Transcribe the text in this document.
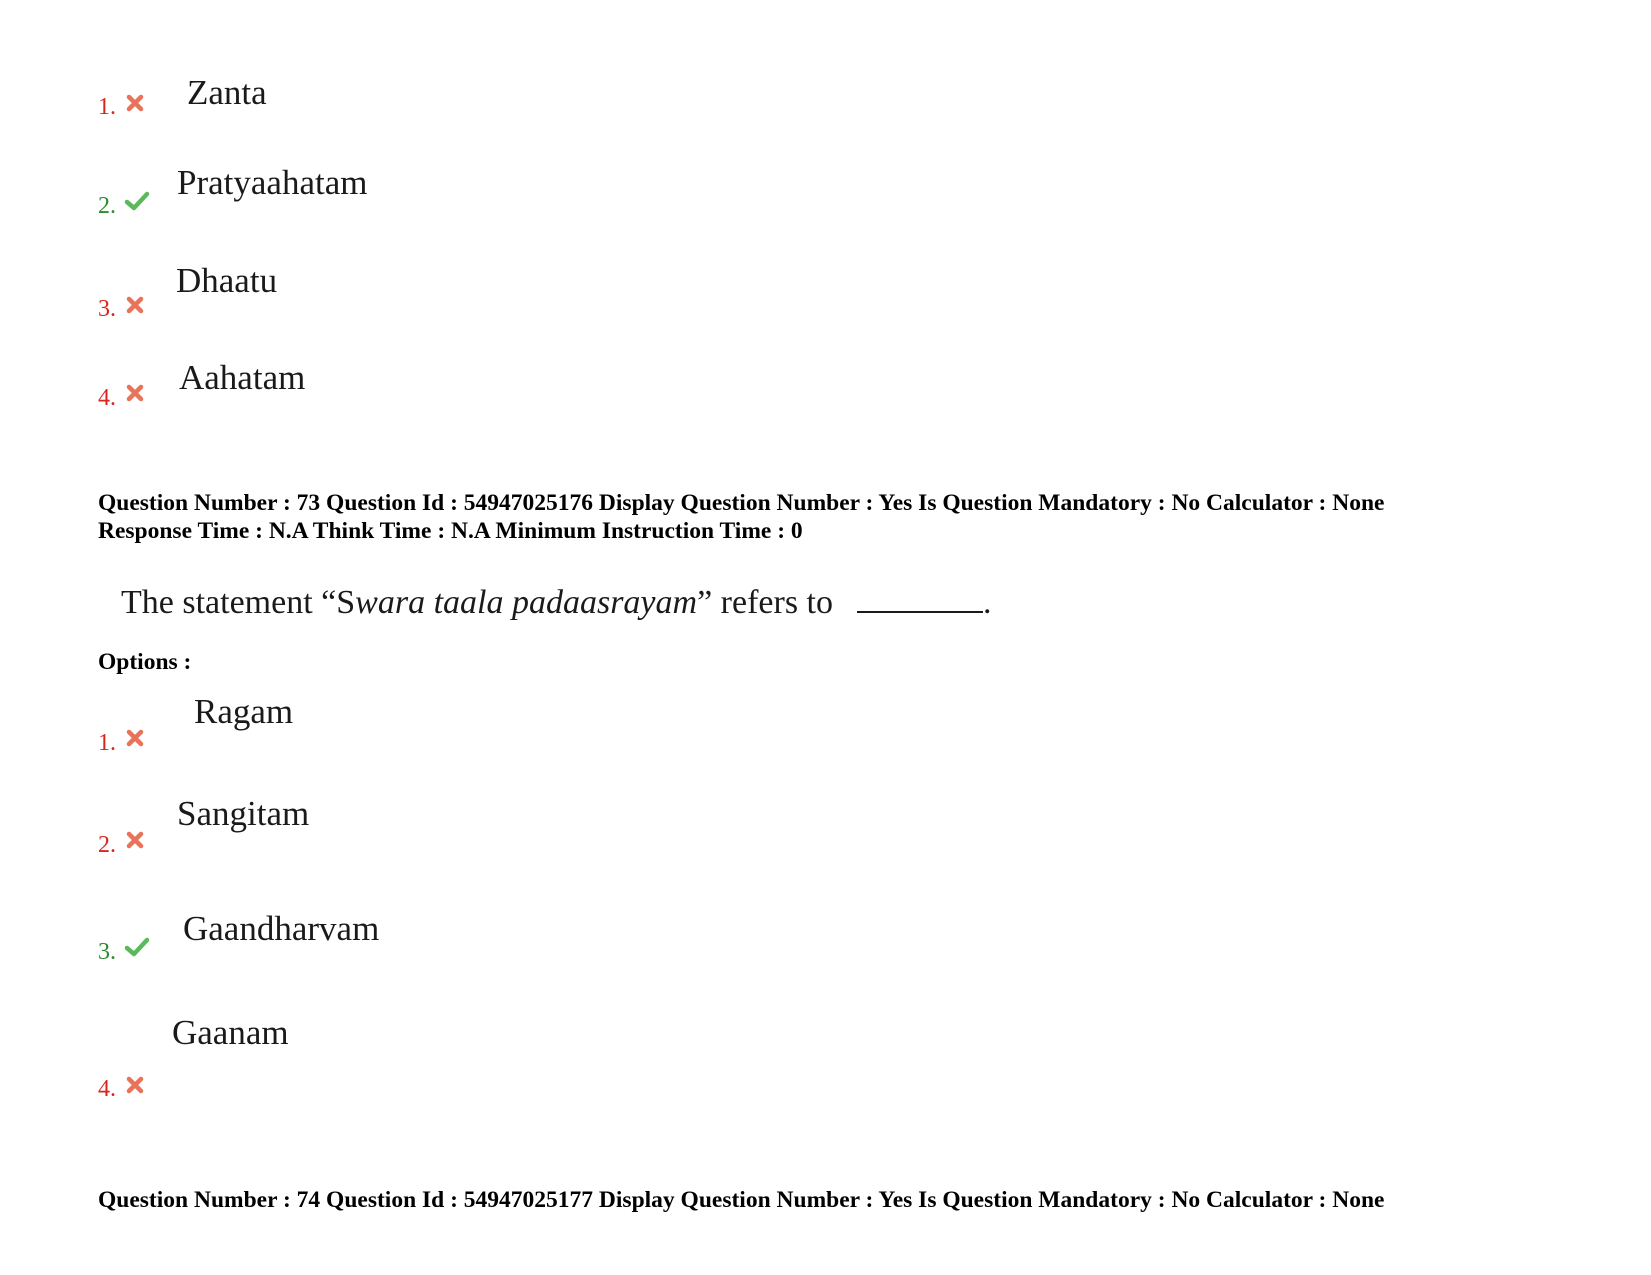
1. Zanta
2.
Pratyaahatam
3.
Dhaatu
4.
Aahatam
Question Number : 73 Question Id : 54947025176 Display Question Number : Yes Is Question Mandatory : No Calculator : None
Response Time : N.A Think Time : N.A Minimum Instruction Time : 0
The statement “Swara taala padaasrayam” refers to	.
Options :
1.
Ragam
2.
Sangitam
3.
Gaandharvam
4.
Gaanam
Question Number : 74 Question Id : 54947025177 Display Question Number : Yes Is Question Mandatory : No Calculator : None
